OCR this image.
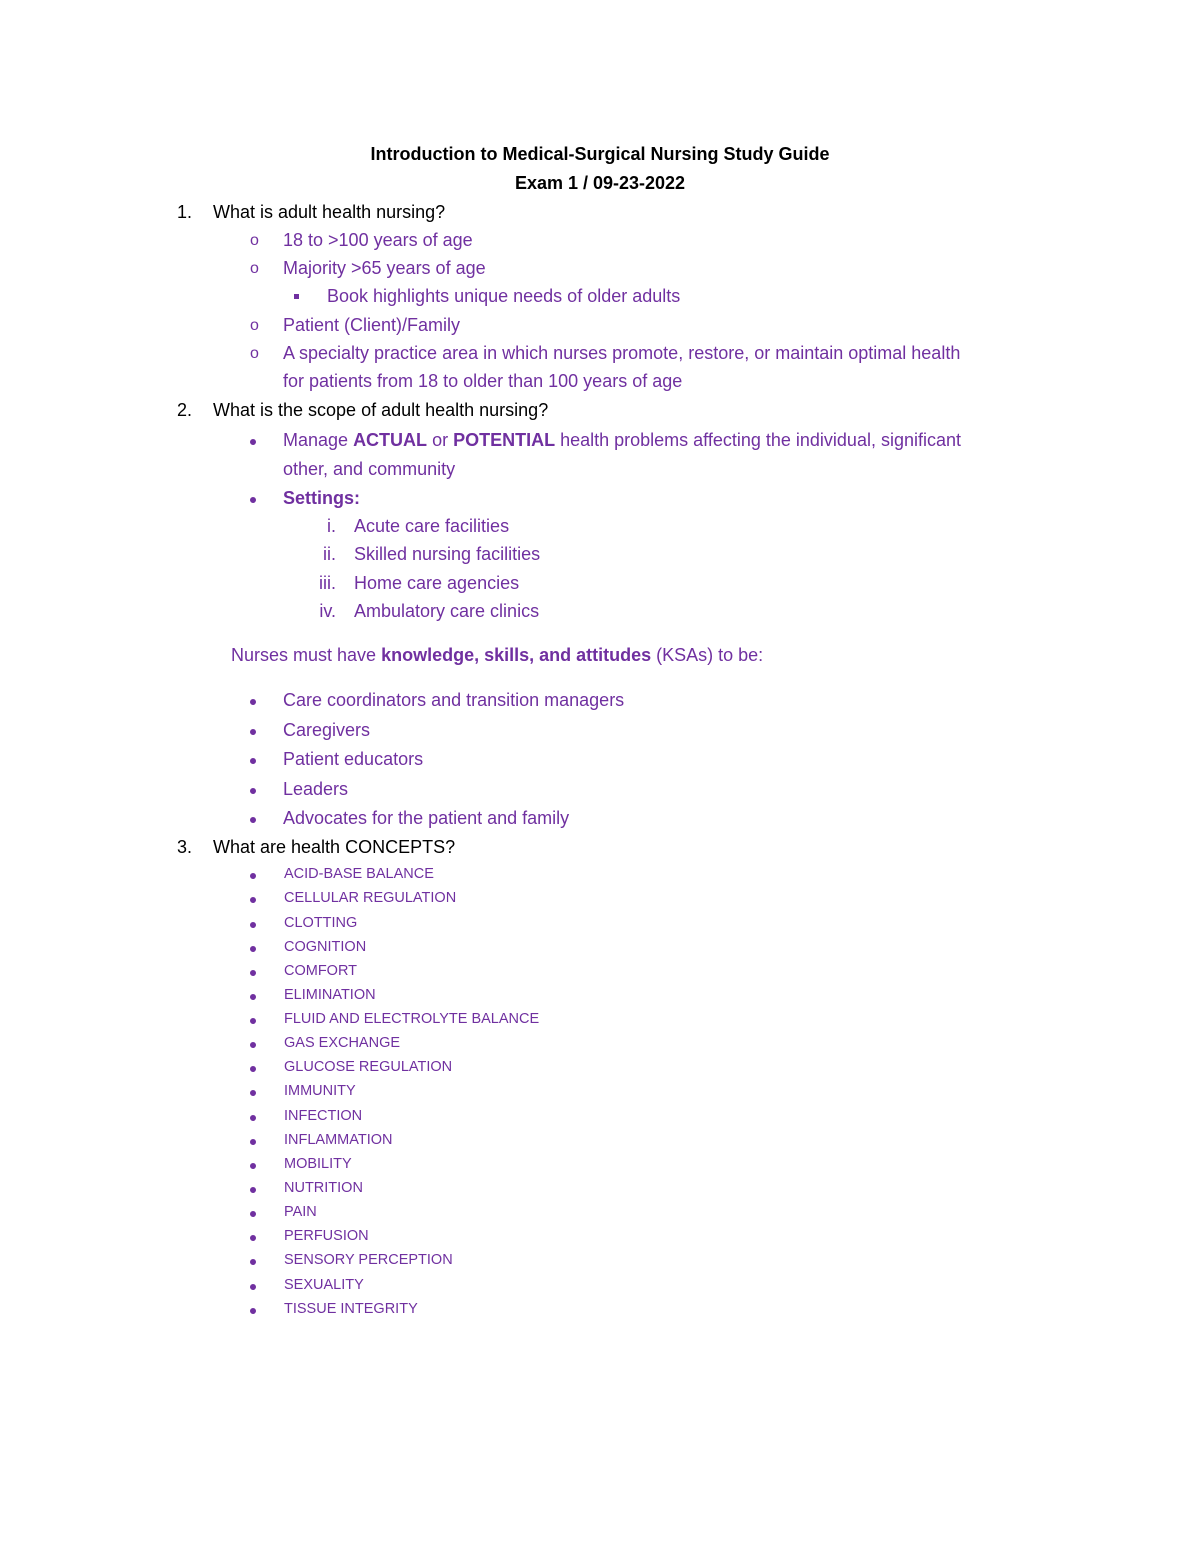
Introduction to Medical-Surgical Nursing Study Guide
Exam 1 / 09-23-2022
1. What is adult health nursing?
o 18 to >100 years of age
o Majority >65 years of age
Book highlights unique needs of older adults
o Patient (Client)/Family
o A specialty practice area in which nurses promote, restore, or maintain optimal health
for patients from 18 to older than 100 years of age
2. What is the scope of adult health nursing?
Manage ACTUAL or POTENTIAL health problems affecting the individual, significant
other, and community
Settings:
i. Acute care facilities
ii. Skilled nursing facilities
iii. Home care agencies
iv. Ambulatory care clinics
Nurses must have knowledge, skills, and attitudes (KSAs) to be:
Care coordinators and transition managers
Caregivers
Patient educators
Leaders
Advocates for the patient and family
3. What are health CONCEPTS?
ACID-BASE BALANCE
CELLULAR REGULATION
CLOTTING
COGNITION
COMFORT
ELIMINATION
FLUID AND ELECTROLYTE BALANCE
GAS EXCHANGE
GLUCOSE REGULATION
IMMUNITY
INFECTION
INFLAMMATION
MOBILITY
NUTRITION
PAIN
PERFUSION
SENSORY PERCEPTION
SEXUALITY
TISSUE INTEGRITY
